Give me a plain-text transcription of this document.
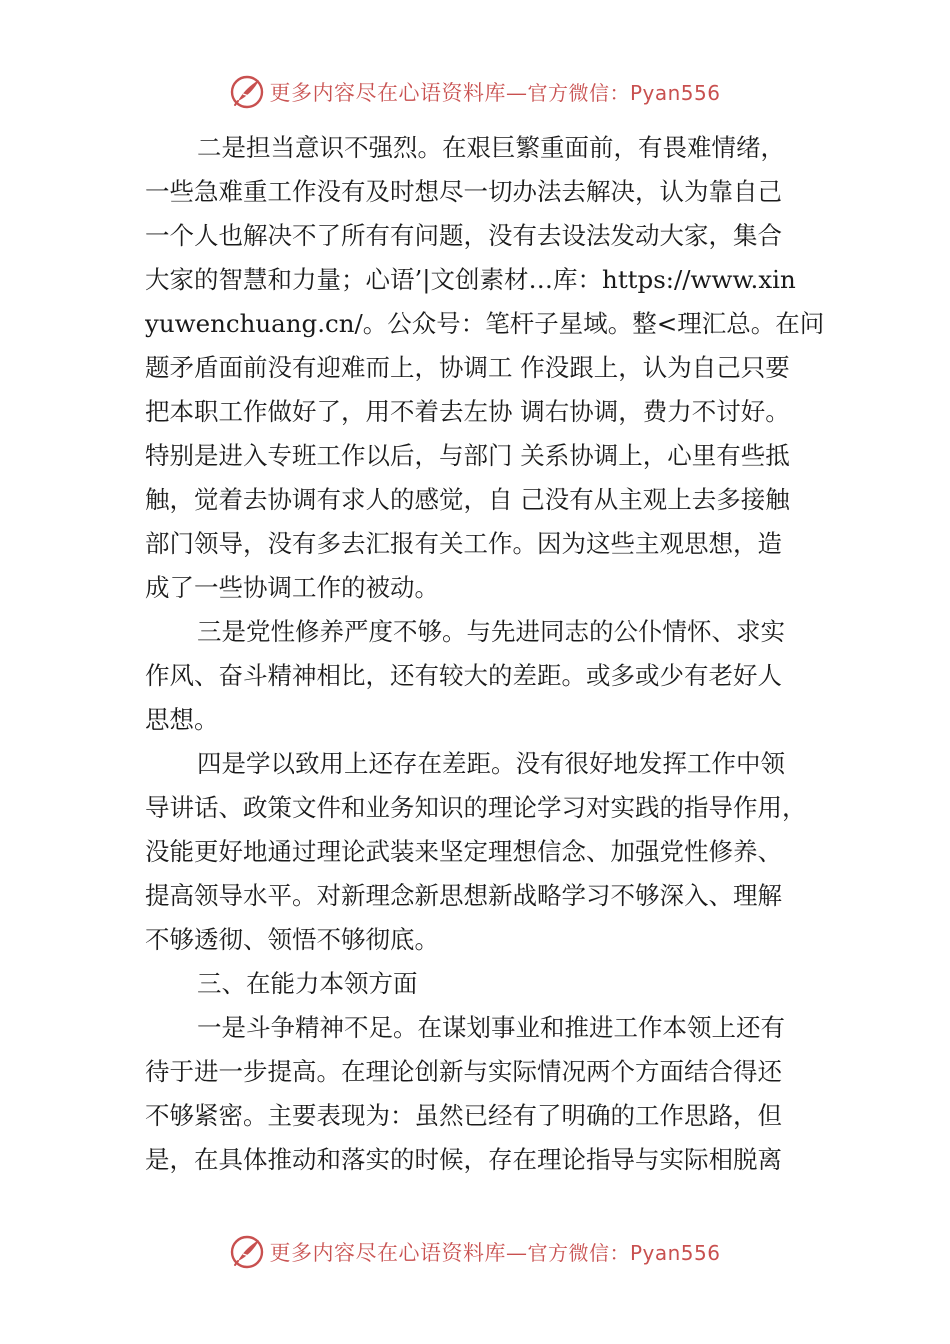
更多内容尽在心语资料库—官方微信：Pyan556
二是担当意识不强烈。在艰巨繁重面前，有畏难情绪，
一些急难重工作没有及时想尽一切办法去解决，认为靠自己
一个人也解决不了所有有问题，没有去设法发动大家，集合
大家的智慧和力量；心语’|文创素材…库：https://www.xin
yuwenchuang.cn/。公众号：笔杆子星域。整<理汇总。在问
题矛盾面前没有迎难而上，协调工 作没跟上，认为自己只要
把本职工作做好了，用不着去左协 调右协调，费力不讨好。
特别是进入专班工作以后，与部门 关系协调上，心里有些抵
触，觉着去协调有求人的感觉，自 己没有从主观上去多接触
部门领导，没有多去汇报有关工作。因为这些主观思想，造
成了一些协调工作的被动。
三是党性修养严度不够。与先进同志的公仆情怀、求实
作风、奋斗精神相比，还有较大的差距。或多或少有老好人
思想。
四是学以致用上还存在差距。没有很好地发挥工作中领
导讲话、政策文件和业务知识的理论学习对实践的指导作用，
没能更好地通过理论武装来坚定理想信念、加强党性修养、
提高领导水平。对新理念新思想新战略学习不够深入、理解
不够透彻、领悟不够彻底。
三、在能力本领方面
一是斗争精神不足。在谋划事业和推进工作本领上还有
待于进一步提高。在理论创新与实际情况两个方面结合得还
不够紧密。主要表现为：虽然已经有了明确的工作思路，但
是，在具体推动和落实的时候，存在理论指导与实际相脱离
更多内容尽在心语资料库—官方微信：Pyan556
